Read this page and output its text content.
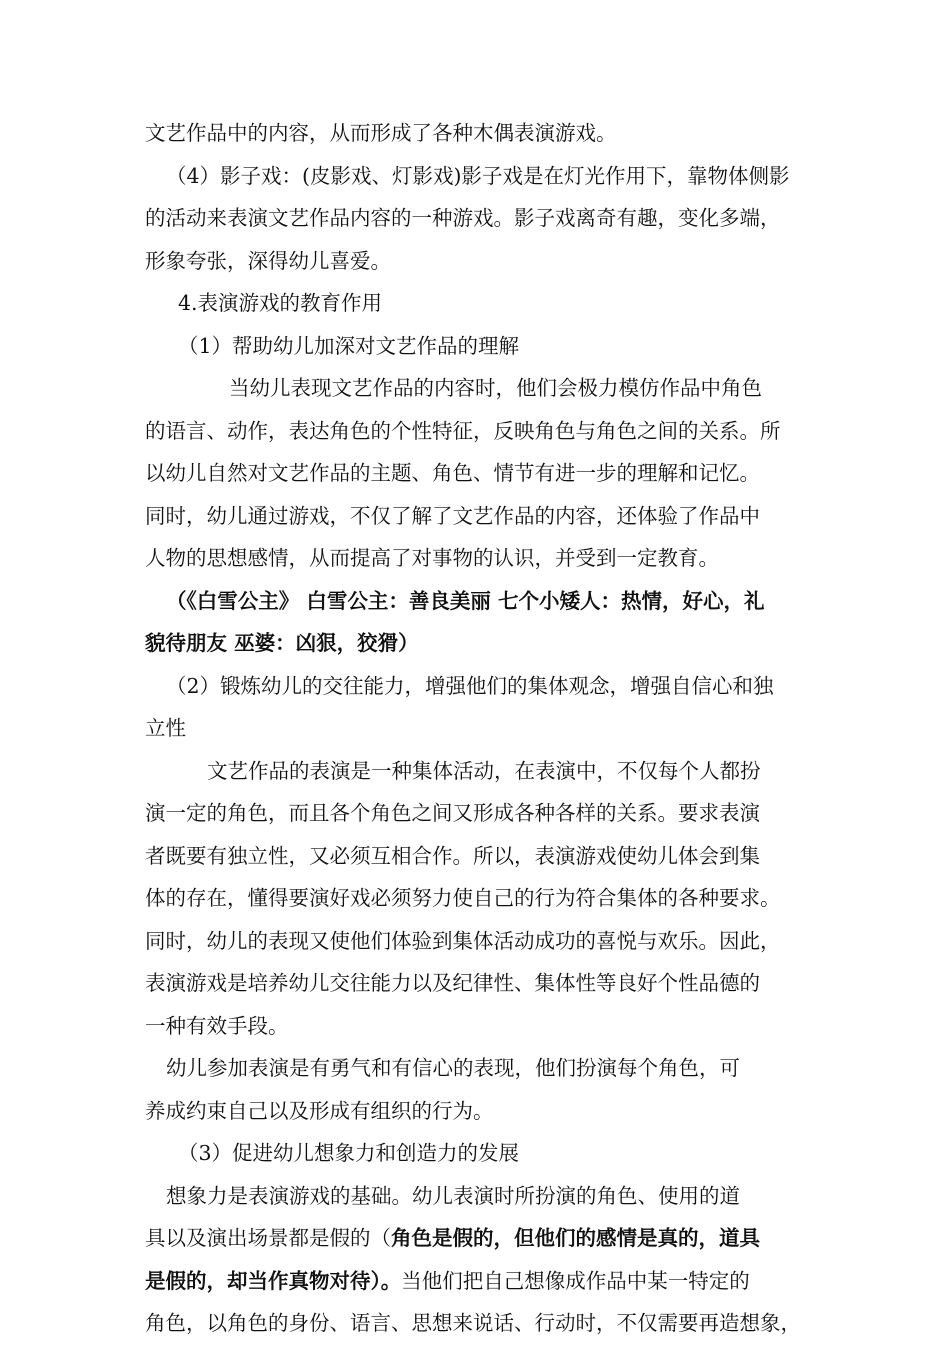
文艺作品中的内容，从而形成了各种木偶表演游戏。
（4）影子戏：(皮影戏、灯影戏)影子戏是在灯光作用下，靠物体侧影
的活动来表演文艺作品内容的一种游戏。影子戏离奇有趣，变化多端，
形象夸张，深得幼儿喜爱。
4.表演游戏的教育作用
（1）帮助幼儿加深对文艺作品的理解
当幼儿表现文艺作品的内容时，他们会极力模仿作品中角色
的语言、动作，表达角色的个性特征，反映角色与角色之间的关系。所
以幼儿自然对文艺作品的主题、角色、情节有进一步的理解和记忆。
同时，幼儿通过游戏，不仅了解了文艺作品的内容，还体验了作品中
人物的思想感情，从而提高了对事物的认识，并受到一定教育。
（《白雪公主》 白雪公主：善良美丽 七个小矮人：热情，好心，礼
貌待朋友 巫婆：凶狠，狡猾）
（2）锻炼幼儿的交往能力，增强他们的集体观念，增强自信心和独
立性
文艺作品的表演是一种集体活动，在表演中，不仅每个人都扮
演一定的角色，而且各个角色之间又形成各种各样的关系。要求表演
者既要有独立性，又必须互相合作。所以，表演游戏使幼儿体会到集
体的存在，懂得要演好戏必须努力使自己的行为符合集体的各种要求。
同时，幼儿的表现又使他们体验到集体活动成功的喜悦与欢乐。因此，
表演游戏是培养幼儿交往能力以及纪律性、集体性等良好个性品德的
一种有效手段。
幼儿参加表演是有勇气和有信心的表现，他们扮演每个角色，可
养成约束自己以及形成有组织的行为。
（3）促进幼儿想象力和创造力的发展
想象力是表演游戏的基础。幼儿表演时所扮演的角色、使用的道
具以及演出场景都是假的（角色是假的，但他们的感情是真的，道具
是假的，却当作真物对待）。当他们把自己想像成作品中某一特定的
角色，以角色的身份、语言、思想来说话、行动时，不仅需要再造想象，
